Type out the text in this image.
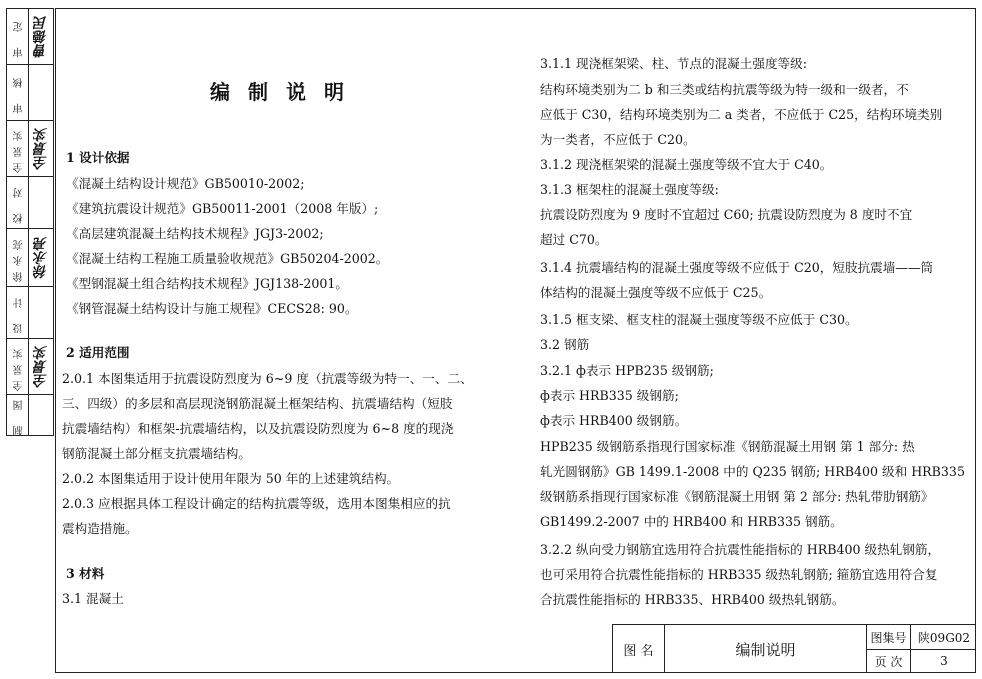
审 定 曹德民
审 核
全景实 全景实
校 对
徐永亮 徐永亮
设 计
全景实 全景实
制 图
编制说明
1 设计依据
《混凝土结构设计规范》GB50010-2002;
《建筑抗震设计规范》GB50011-2001（2008 年版）;
《高层建筑混凝土结构技术规程》JGJ3-2002;
《混凝土结构工程施工质量验收规范》GB50204-2002。
《型钢混凝土组合结构技术规程》JGJ138-2001。
《钢管混凝土结构设计与施工规程》CECS28: 90。
2 适用范围
2.0.1 本图集适用于抗震设防烈度为 6~9 度（抗震等级为特一、一、二、
三、四级）的多层和高层现浇钢筋混凝土框架结构、抗震墙结构（短肢
抗震墙结构）和框架-抗震墙结构，以及抗震设防烈度为 6~8 度的现浇
钢筋混凝土部分框支抗震墙结构。
2.0.2 本图集适用于设计使用年限为 50 年的上述建筑结构。
2.0.3 应根据具体工程设计确定的结构抗震等级，选用本图集相应的抗
震构造措施。
3 材料
3.1 混凝土
3.1.1 现浇框架梁、柱、节点的混凝土强度等级:
结构环境类别为二 b 和三类或结构抗震等级为特一级和一级者，不
应低于 C30，结构环境类别为二 a 类者，不应低于 C25，结构环境类别
为一类者，不应低于 C20。
3.1.2 现浇框架梁的混凝土强度等级不宜大于 C40。
3.1.3 框架柱的混凝土强度等级:
抗震设防烈度为 9 度时不宜超过 C60; 抗震设防烈度为 8 度时不宜
超过 C70。
3.1.4 抗震墙结构的混凝土强度等级不应低于 C20，短肢抗震墙——筒
体结构的混凝土强度等级不应低于 C25。
3.1.5 框支梁、框支柱的混凝土强度等级不应低于 C30。
3.2 钢筋
3.2.1 ф表示 HPB235 级钢筋;
ф表示 HRB335 级钢筋;
ф表示 HRB400 级钢筋。
HPB235 级钢筋系指现行国家标准《钢筋混凝土用钢 第 1 部分: 热
轧光圆钢筋》GB 1499.1-2008 中的 Q235 钢筋; HRB400 级和 HRB335
级钢筋系指现行国家标准《钢筋混凝土用钢 第 2 部分: 热轧带肋钢筋》
GB1499.2-2007 中的 HRB400 和 HRB335 钢筋。
3.2.2 纵向受力钢筋宜选用符合抗震性能指标的 HRB400 级热轧钢筋，
也可采用符合抗震性能指标的 HRB335 级热轧钢筋; 箍筋宜选用符合复
合抗震性能指标的 HRB335、HRB400 级热轧钢筋。
图 名	编制说明
图集号 陕09G02
页 次	3
